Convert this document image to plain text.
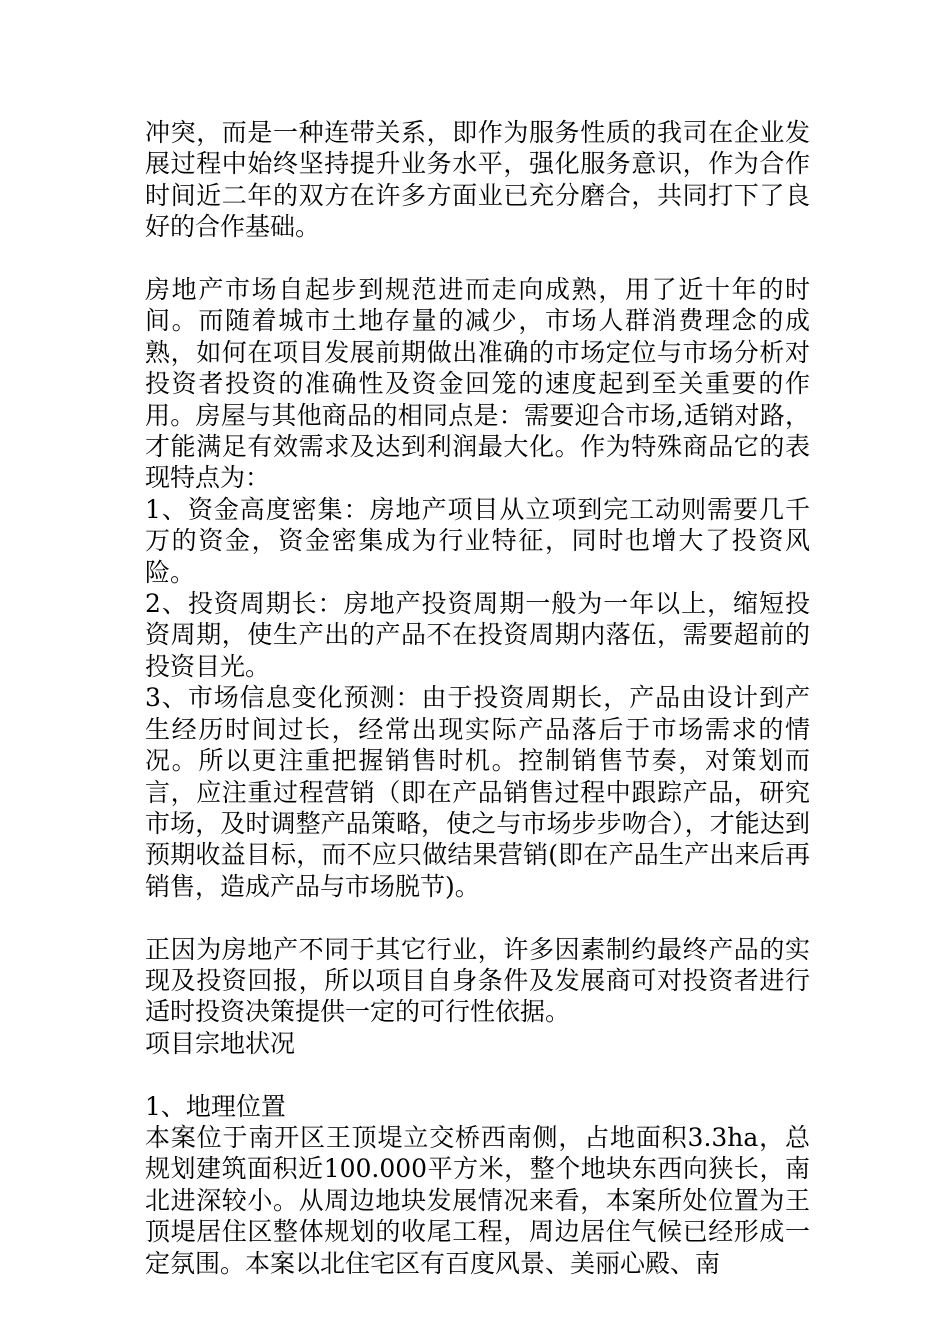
冲突，而是一种连带关系，即作为服务性质的我司在企业发展过程中始终坚持提升业务水平，强化服务意识，作为合作时间近二年的双方在许多方面业已充分磨合，共同打下了良好的合作基础。

房地产市场自起步到规范进而走向成熟，用了近十年的时间。而随着城市土地存量的减少，市场人群消费理念的成熟，如何在项目发展前期做出准确的市场定位与市场分析对投资者投资的准确性及资金回笼的速度起到至关重要的作用。房屋与其他商品的相同点是：需要迎合市场,适销对路，才能满足有效需求及达到利润最大化。作为特殊商品它的表现特点为：

1、资金高度密集：房地产项目从立项到完工动则需要几千万的资金，资金密集成为行业特征，同时也增大了投资风险。

2、投资周期长：房地产投资周期一般为一年以上，缩短投资周期，使生产出的产品不在投资周期内落伍，需要超前的投资目光。

3、市场信息变化预测：由于投资周期长，产品由设计到产生经历时间过长，经常出现实际产品落后于市场需求的情况。所以更注重把握销售时机。控制销售节奏，对策划而言，应注重过程营销（即在产品销售过程中跟踪产品，研究市场，及时调整产品策略，使之与市场步步吻合），才能达到预期收益目标，而不应只做结果营销(即在产品生产出来后再销售，造成产品与市场脱节)。

正因为房地产不同于其它行业，许多因素制约最终产品的实现及投资回报，所以项目自身条件及发展商可对投资者进行适时投资决策提供一定的可行性依据。

项目宗地状况

1、地理位置

本案位于南开区王顶堤立交桥西南侧，占地面积3.3ha，总规划建筑面积近100.000平方米，整个地块东西向狭长，南北进深较小。从周边地块发展情况来看，本案所处位置为王顶堤居住区整体规划的收尾工程，周边居住气候已经形成一定氛围。本案以北住宅区有百度风景、美丽心殿、南
